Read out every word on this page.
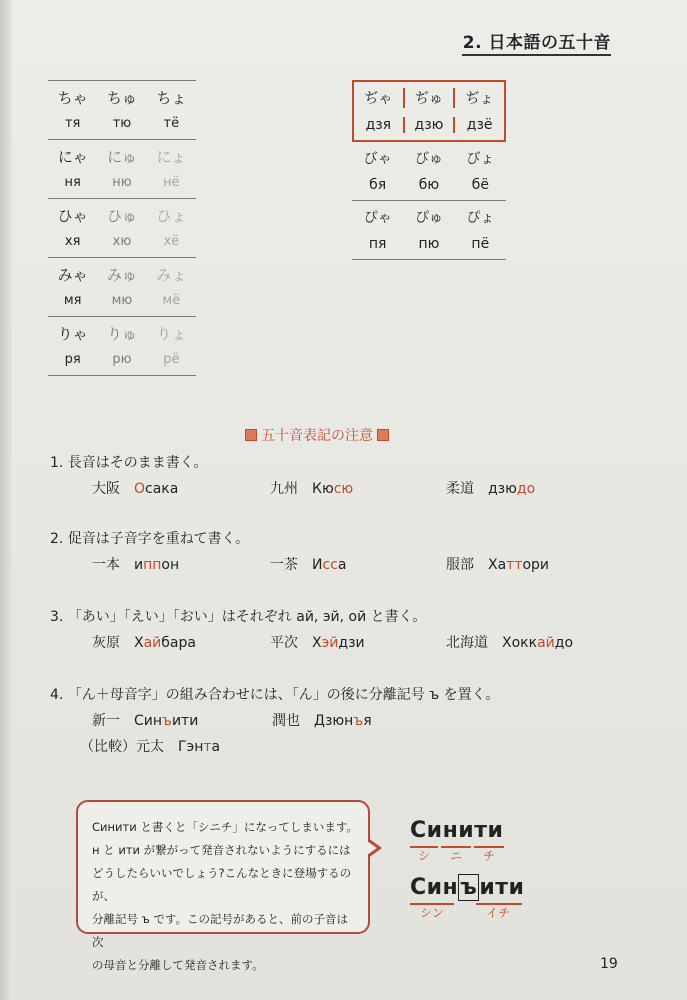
2. 日本語の五十音
ちゃ	ちゅ	ちょ
тя	тю	тё
にゃ	にゅ	にょ
ня	ню	нё
ひゃ	ひゅ	ひょ
хя	хю	хё
みゃ	みゅ	みょ
мя	мю	мё
りゃ	りゅ	りょ
ря	рю	рё
ぢゃ	ぢゅ	ぢょ
дзя	дзю	дзё
びゃ	びゅ	びょ
бя	бю	бё
ぴゃ	ぴゅ	ぴょ
пя	пю	пё
五十音表記の注意
1. 長音はそのまま書く。
大阪 Осака	九州 Кюсю	柔道 дзюдо
2. 促音は子音字を重ねて書く。
一本 иппон	一茶 Исса	服部 Хаттори
3. 「あい」「えい」「おい」はそれぞれ ай, эй, ой と書く。
灰原 Хайбара	平次 Хэйдзи	北海道 Хоккайдо
4. 「ん＋母音字」の組み合わせには、「ん」の後に分離記号 ъ を置く。
新一 Синъити	潤也 Дзюнъя
（比較）元太 Гэнта
Синити と書くと「シニチ」になってしまいます。
н と ити が繋がって発音されないようにするには
どうしたらいいでしょう?こんなときに登場するのが、
分離記号 ъ です。この記号があると、前の子音は次
の母音と分離して発音されます。
Синити
シ ニ チ
Синъити
シン	イチ
19
